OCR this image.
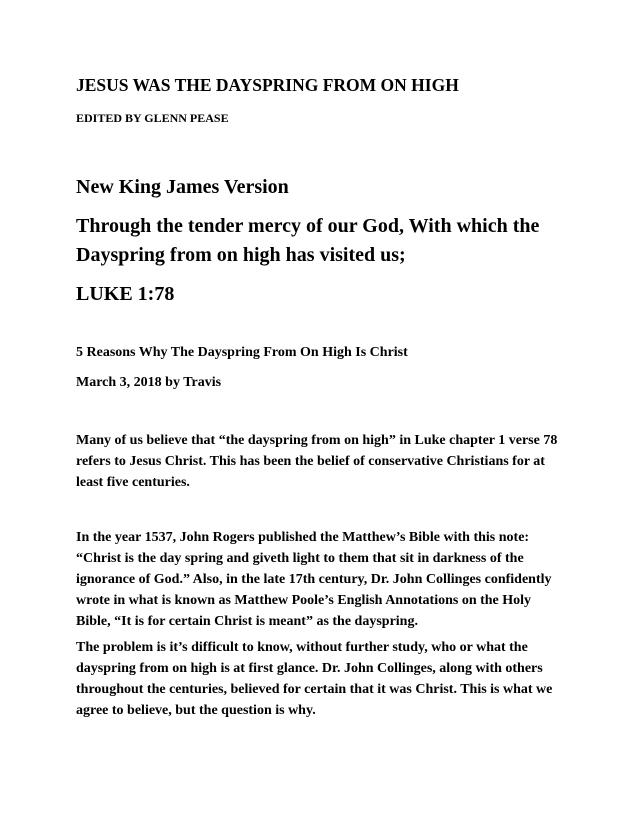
JESUS WAS THE DAYSPRING FROM ON HIGH
EDITED BY GLENN PEASE
New King James Version
Through the tender mercy of our God, With which the Dayspring from on high has visited us;
LUKE 1:78
5 Reasons Why The Dayspring From On High Is Christ
March 3, 2018 by Travis
Many of us believe that “the dayspring from on high” in Luke chapter 1 verse 78 refers to Jesus Christ. This has been the belief of conservative Christians for at least five centuries.
In the year 1537, John Rogers published the Matthew’s Bible with this note: “Christ is the day spring and giveth light to them that sit in darkness of the ignorance of God.” Also, in the late 17th century, Dr. John Collinges confidently wrote in what is known as Matthew Poole’s English Annotations on the Holy Bible, “It is for certain Christ is meant” as the dayspring.
The problem is it’s difficult to know, without further study, who or what the dayspring from on high is at first glance. Dr. John Collinges, along with others throughout the centuries, believed for certain that it was Christ. This is what we agree to believe, but the question is why.
